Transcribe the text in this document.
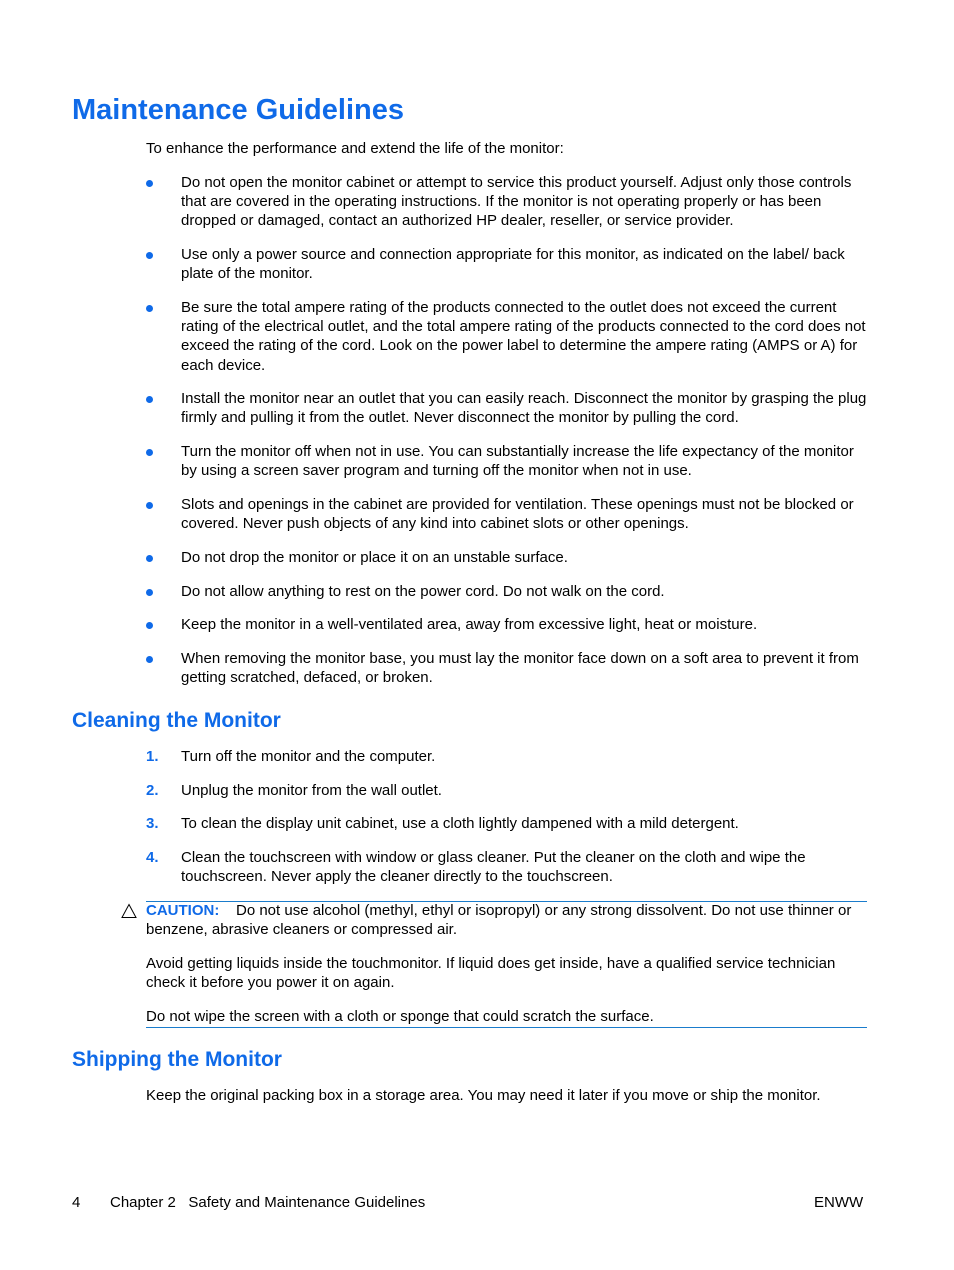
Maintenance Guidelines

To enhance the performance and extend the life of the monitor:

Do not open the monitor cabinet or attempt to service this product yourself. Adjust only those controls that are covered in the operating instructions. If the monitor is not operating properly or has been dropped or damaged, contact an authorized HP dealer, reseller, or service provider.
Use only a power source and connection appropriate for this monitor, as indicated on the label/ back plate of the monitor.
Be sure the total ampere rating of the products connected to the outlet does not exceed the current rating of the electrical outlet, and the total ampere rating of the products connected to the cord does not exceed the rating of the cord. Look on the power label to determine the ampere rating (AMPS or A) for each device.
Install the monitor near an outlet that you can easily reach. Disconnect the monitor by grasping the plug firmly and pulling it from the outlet. Never disconnect the monitor by pulling the cord.
Turn the monitor off when not in use. You can substantially increase the life expectancy of the monitor by using a screen saver program and turning off the monitor when not in use.
Slots and openings in the cabinet are provided for ventilation. These openings must not be blocked or covered. Never push objects of any kind into cabinet slots or other openings.
Do not drop the monitor or place it on an unstable surface.
Do not allow anything to rest on the power cord. Do not walk on the cord.
Keep the monitor in a well-ventilated area, away from excessive light, heat or moisture.
When removing the monitor base, you must lay the monitor face down on a soft area to prevent it from getting scratched, defaced, or broken.
Cleaning the Monitor
1. Turn off the monitor and the computer.
2. Unplug the monitor from the wall outlet.
3. To clean the display unit cabinet, use a cloth lightly dampened with a mild detergent.
4. Clean the touchscreen with window or glass cleaner. Put the cleaner on the cloth and wipe the touchscreen. Never apply the cleaner directly to the touchscreen.

CAUTION: Do not use alcohol (methyl, ethyl or isopropyl) or any strong dissolvent. Do not use thinner or benzene, abrasive cleaners or compressed air.

Avoid getting liquids inside the touchmonitor. If liquid does get inside, have a qualified service technician check it before you power it on again.

Do not wipe the screen with a cloth or sponge that could scratch the surface.

Shipping the Monitor

Keep the original packing box in a storage area. You may need it later if you move or ship the monitor.

4 Chapter 2   Safety and Maintenance Guidelines	ENWW
